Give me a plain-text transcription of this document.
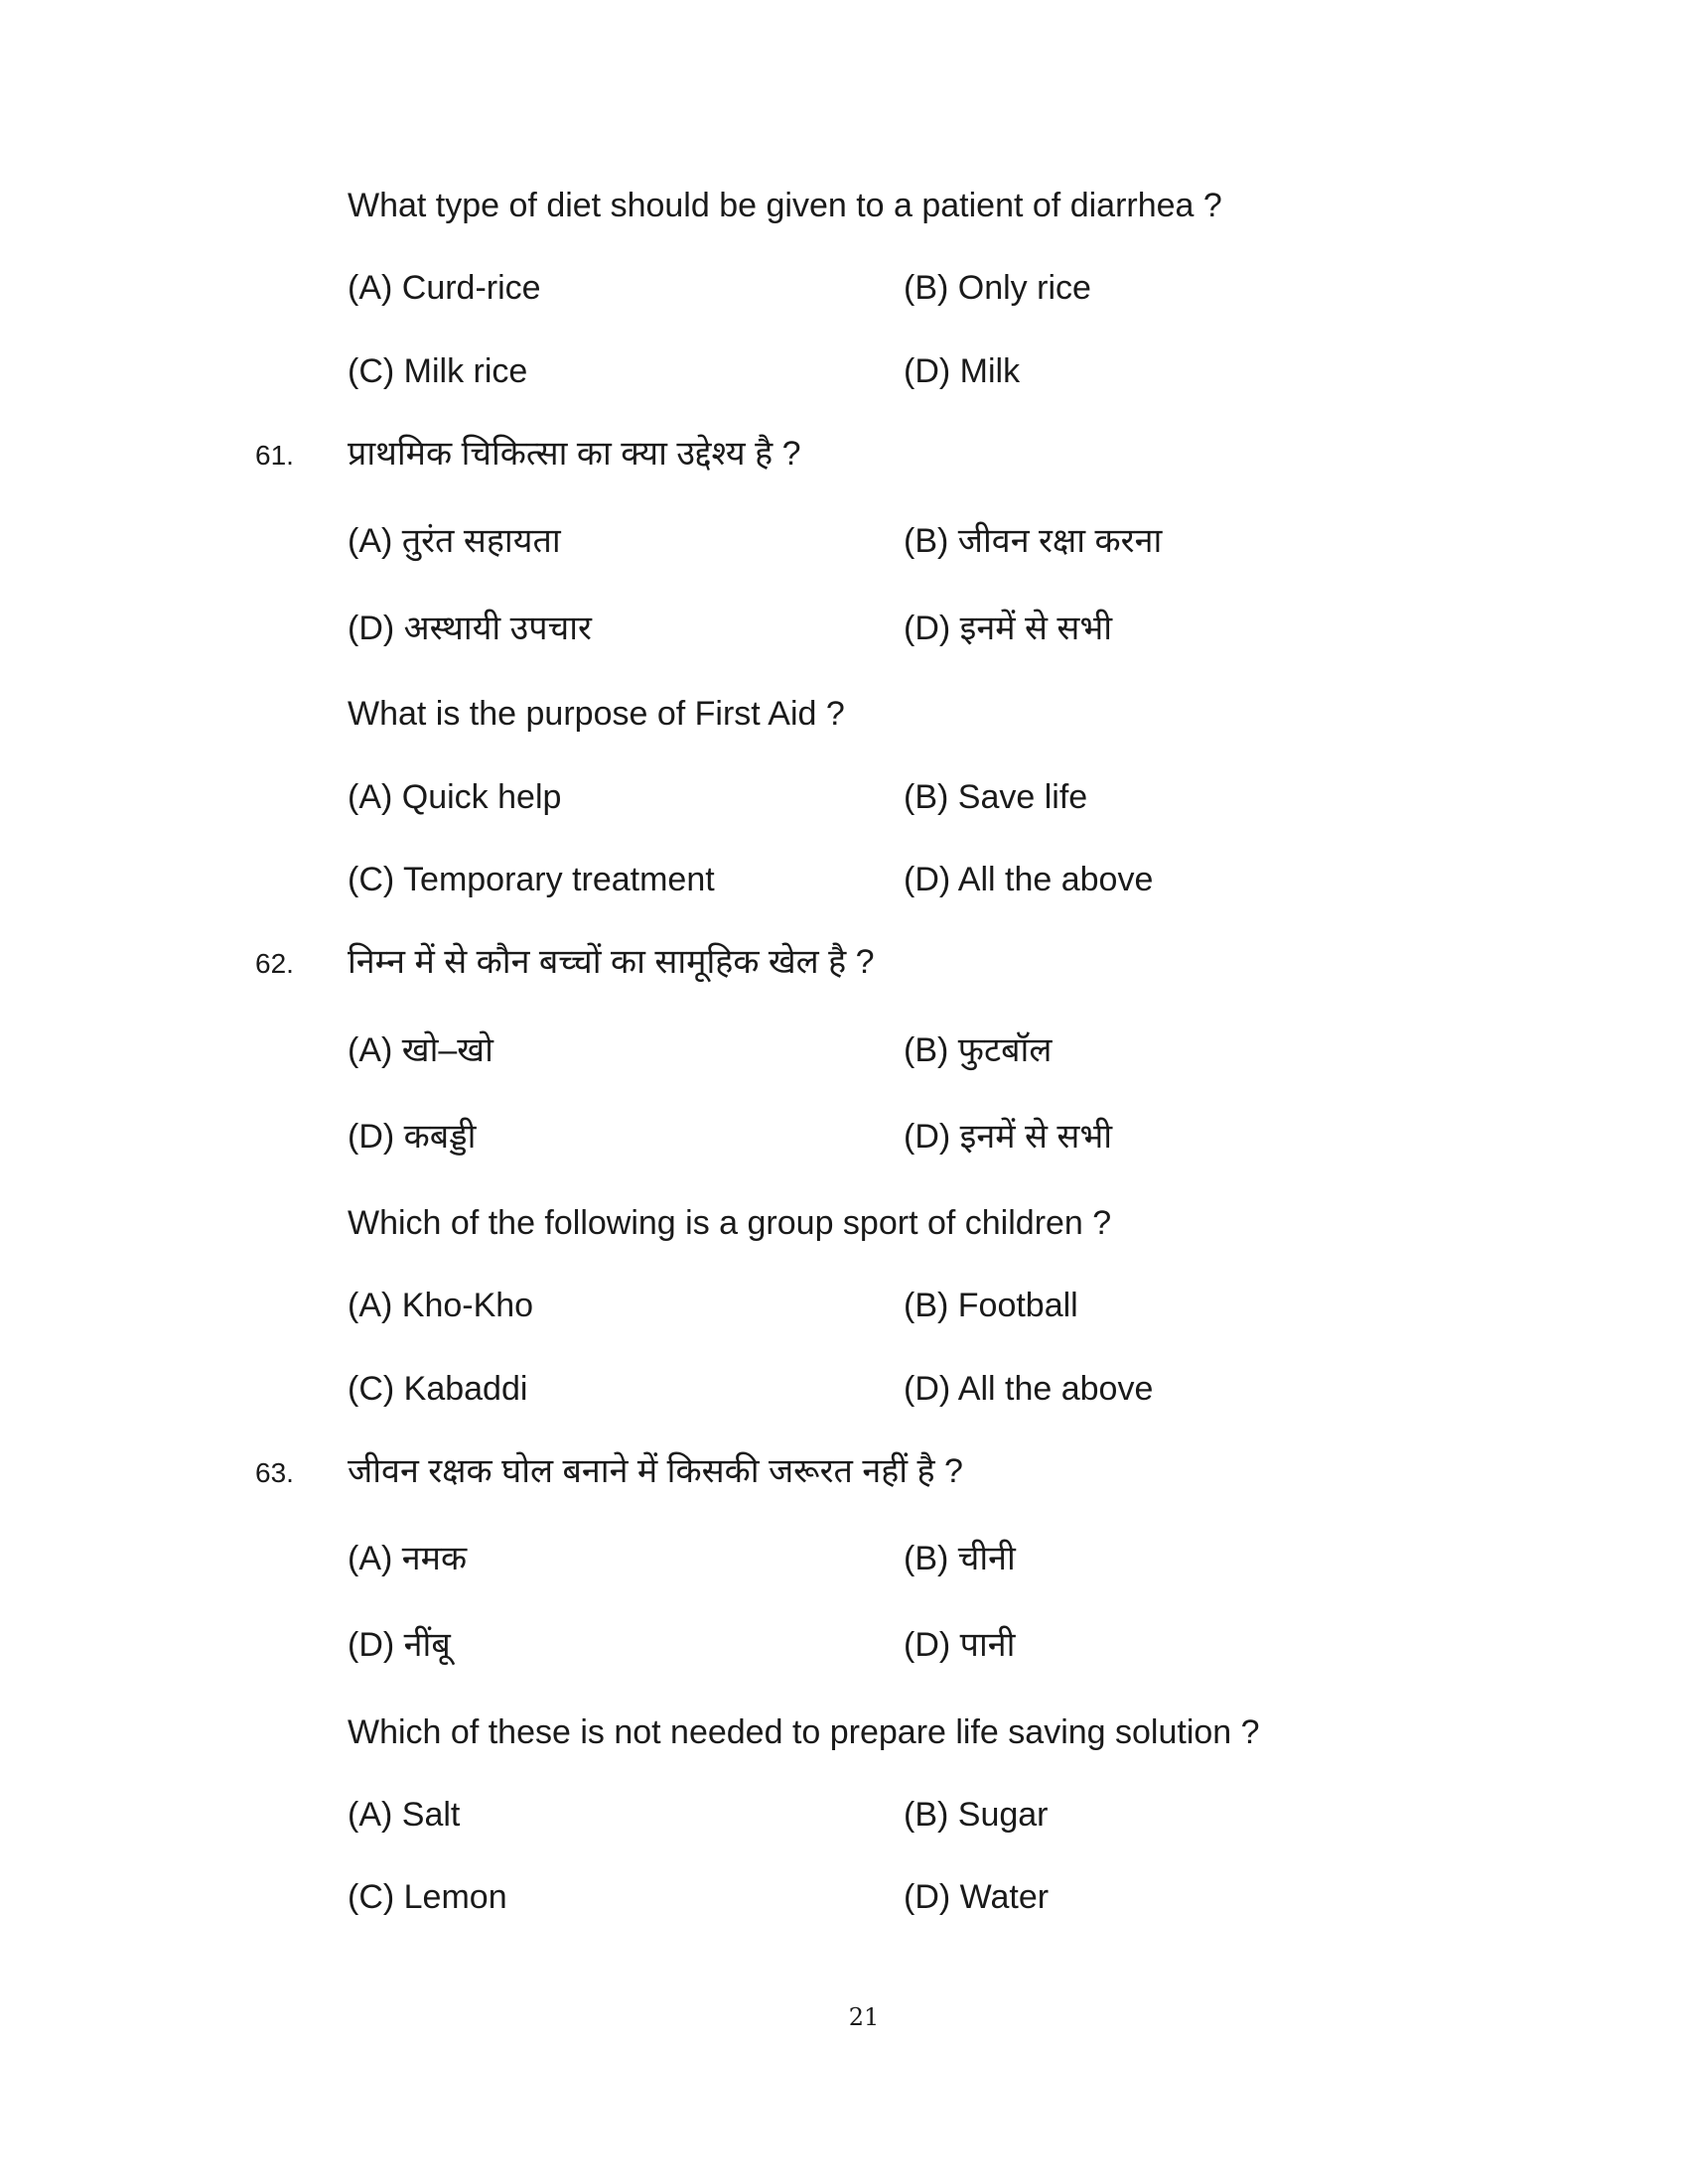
What type of diet should be given to a patient of diarrhea ?
(A) Curd-rice	(B) Only rice
(C) Milk rice	(D) Milk
प्राथमिक चिकित्सा का क्या उद्देश्य है ?
61.
(A) तुरंत सहायता	(B) जीवन रक्षा करना
(D) अस्थायी उपचार	(D) इनमें से सभी
What is the purpose of First Aid ?
(A) Quick help	(B) Save life
(C) Temporary treatment	(D) All the above
निम्न में से कौन बच्चों का सामूहिक खेल है ?
62.
(A) खो–खो	(B) फुटबॉल
(D) कबड्डी	(D) इनमें से सभी
Which of the following is a group sport of children ?
(A) Kho-Kho	(B) Football
(C) Kabaddi	(D) All the above
जीवन रक्षक घोल बनाने में किसकी जरूरत नहीं है ?
63.
(A) नमक	(B) चीनी
(D) नींबू	(D) पानी
Which of these is not needed to prepare life saving solution ?
(A) Salt	(B) Sugar
(C) Lemon	(D) Water
21
